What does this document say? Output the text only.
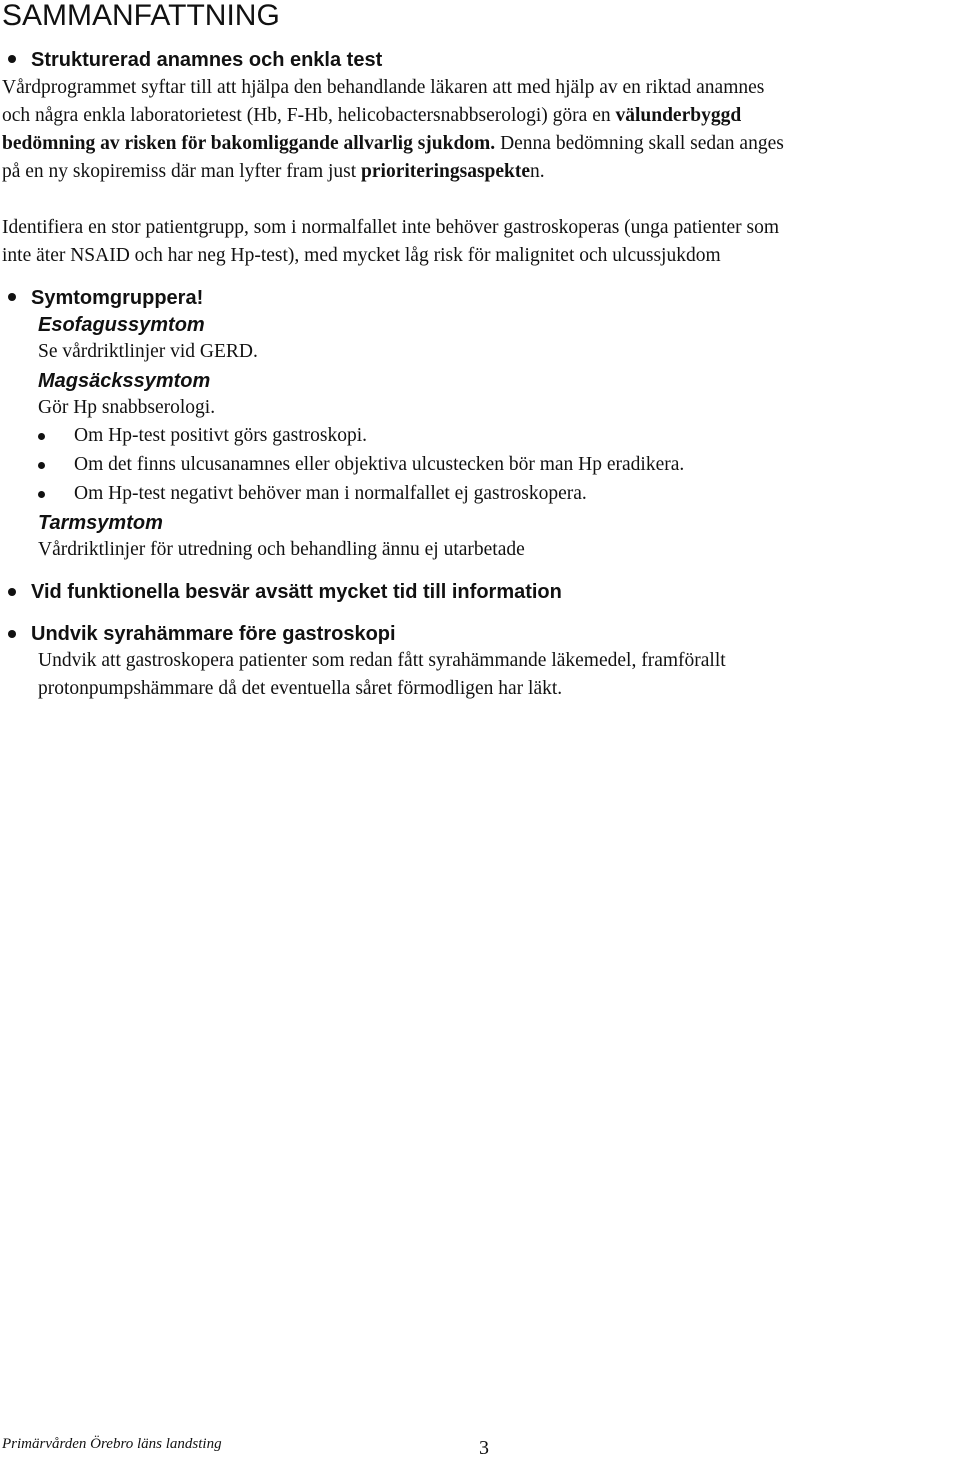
SAMMANFATTNING
Strukturerad anamnes och enkla test
Vårdprogrammet syftar till att hjälpa den behandlande läkaren att med hjälp av en riktad anamnes
och några enkla laboratorietest (Hb, F-Hb, helicobactersnabbserologi) göra en välunderbyggd
bedömning av risken för bakomliggande allvarlig sjukdom. Denna bedömning skall sedan anges
på en ny skopiremiss där man lyfter fram just prioriteringsaspekten.
Identifiera en stor patientgrupp, som i normalfallet inte behöver gastroskoperas (unga patienter som
inte äter NSAID och har neg Hp-test), med mycket låg risk för malignitet och ulcussjukdom
Symtomgruppera!
Esofagussymtom
Se vårdriktlinjer vid GERD.
Magsäckssymtom
Gör Hp snabbserologi.
Om Hp-test positivt görs gastroskopi.
Om det finns ulcusanamnes eller objektiva ulcustecken bör man Hp eradikera.
Om Hp-test negativt behöver man i normalfallet ej gastroskopera.
Tarmsymtom
Vårdriktlinjer för utredning och behandling ännu ej utarbetade
Vid funktionella besvär avsätt mycket tid till information
Undvik syrahämmare före gastroskopi
Undvik att gastroskopera patienter som redan fått syrahämmande läkemedel, framförallt
protonpumpshämmare då det eventuella såret förmodligen har läkt.
Primärvården Örebro läns landsting	3
